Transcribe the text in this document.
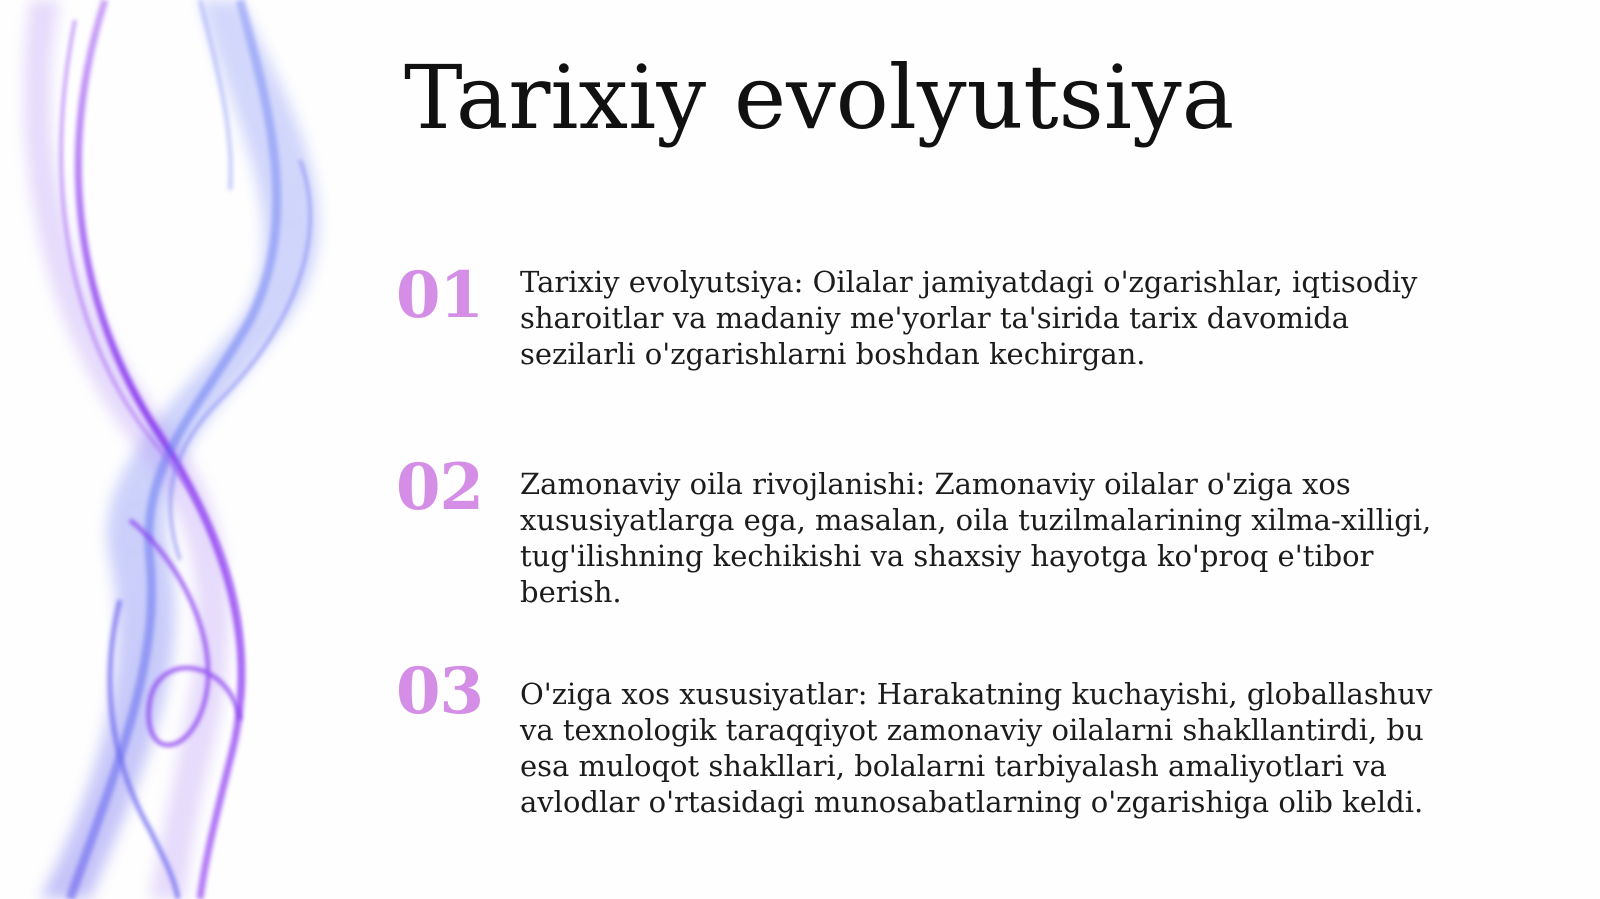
Tarixiy evolyutsiya
01 Tarixiy evolyutsiya: Oilalar jamiyatdagi o'zgarishlar, iqtisodiy sharoitlar va madaniy me'yorlar ta'sirida tarix davomida sezilarli o'zgarishlarni boshdan kechirgan.

02 Zamonaviy oila rivojlanishi: Zamonaviy oilalar o'ziga xos xususiyatlarga ega, masalan, oila tuzilmalarining xilma-xilligi, tug'ilishning kechikishi va shaxsiy hayotga ko'proq e'tibor berish.

03 O'ziga xos xususiyatlar: Harakatning kuchayishi, globallashuv va texnologik taraqqiyot zamonaviy oilalarni shakllantirdi, bu esa muloqot shakllari, bolalarni tarbiyalash amaliyotlari va avlodlar o'rtasidagi munosabatlarning o'zgarishiga olib keldi.
